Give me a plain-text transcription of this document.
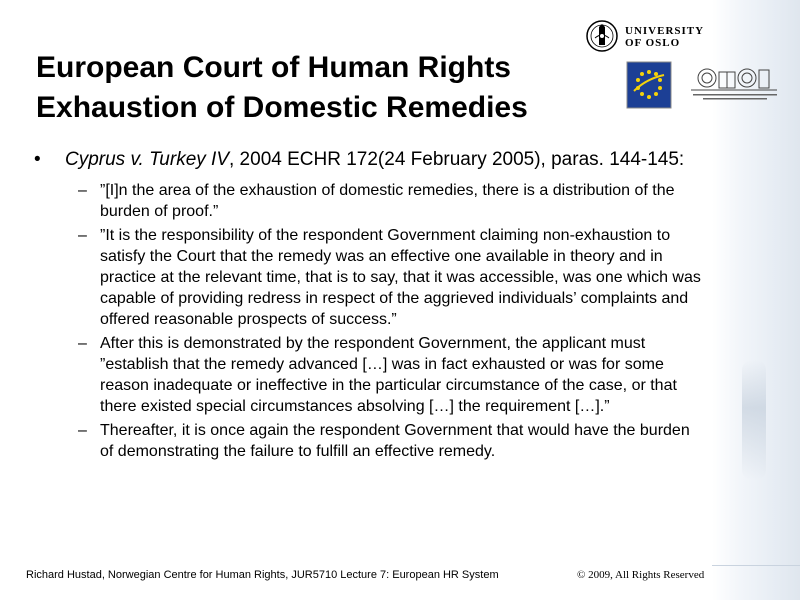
UNIVERSITY
OF OSLO
European Court of Human Rights
Exhaustion of Domestic Remedies
• Cyprus v. Turkey IV, 2004 ECHR 172(24 February 2005), paras. 144-145:
– ”[I]n the area of the exhaustion of domestic remedies, there is a distribution of the burden of proof.”
– ”It is the responsibility of the respondent Government claiming non-exhaustion to satisfy the Court that the remedy was an effective one available in theory and in practice at the relevant time, that is to say, that it was accessible, was one which was capable of providing redress in respect of the aggrieved individuals’ complaints and offered reasonable prospects of success.”
– After this is demonstrated by the respondent Government, the applicant must ”establish that the remedy advanced […] was in fact exhausted or was for some reason inadequate or ineffective in the particular circumstance of the case, or that there existed special circumstances absolving […] the requirement […].”
– Thereafter, it is once again the respondent Government that would have the burden of demonstrating the failure to fulfill an effective remedy.
Richard Hustad, Norwegian Centre for Human Rights, JUR5710 Lecture 7: European HR System	© 2009, All Rights Reserved
